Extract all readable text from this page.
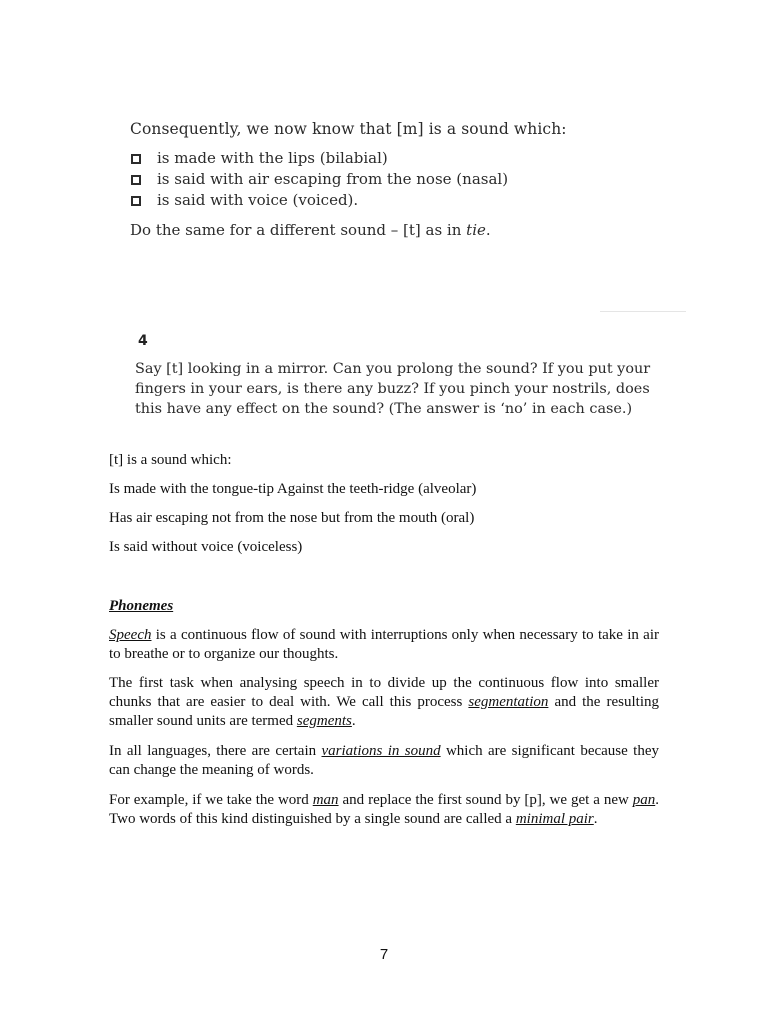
Consequently, we now know that [m] is a sound which:

is made with the lips (bilabial)
is said with air escaping from the nose (nasal)
is said with voice (voiced).

Do the same for a different sound – [t] as in tie.

4

Say [t] looking in a mirror. Can you prolong the sound? If you put your fingers in your ears, is there any buzz? If you pinch your nostrils, does this have any effect on the sound? (The answer is ‘no’ in each case.)

[t] is a sound which:

Is made with the tongue-tip Against the teeth-ridge (alveolar)

Has air escaping not from the nose but from the mouth (oral)

Is said without voice (voiceless)

Phonemes

Speech is a continuous flow of sound with interruptions only when necessary to take in air to breathe or to organize our thoughts.

The first task when analysing speech in to divide up the continuous flow into smaller chunks that are easier to deal with. We call this process segmentation and the resulting smaller sound units are termed segments.

In all languages, there are certain variations in sound which are significant because they can change the meaning of words.

For example, if we take the word man and replace the first sound by [p], we get a new pan. Two words of this kind distinguished by a single sound are called a minimal pair.

7
